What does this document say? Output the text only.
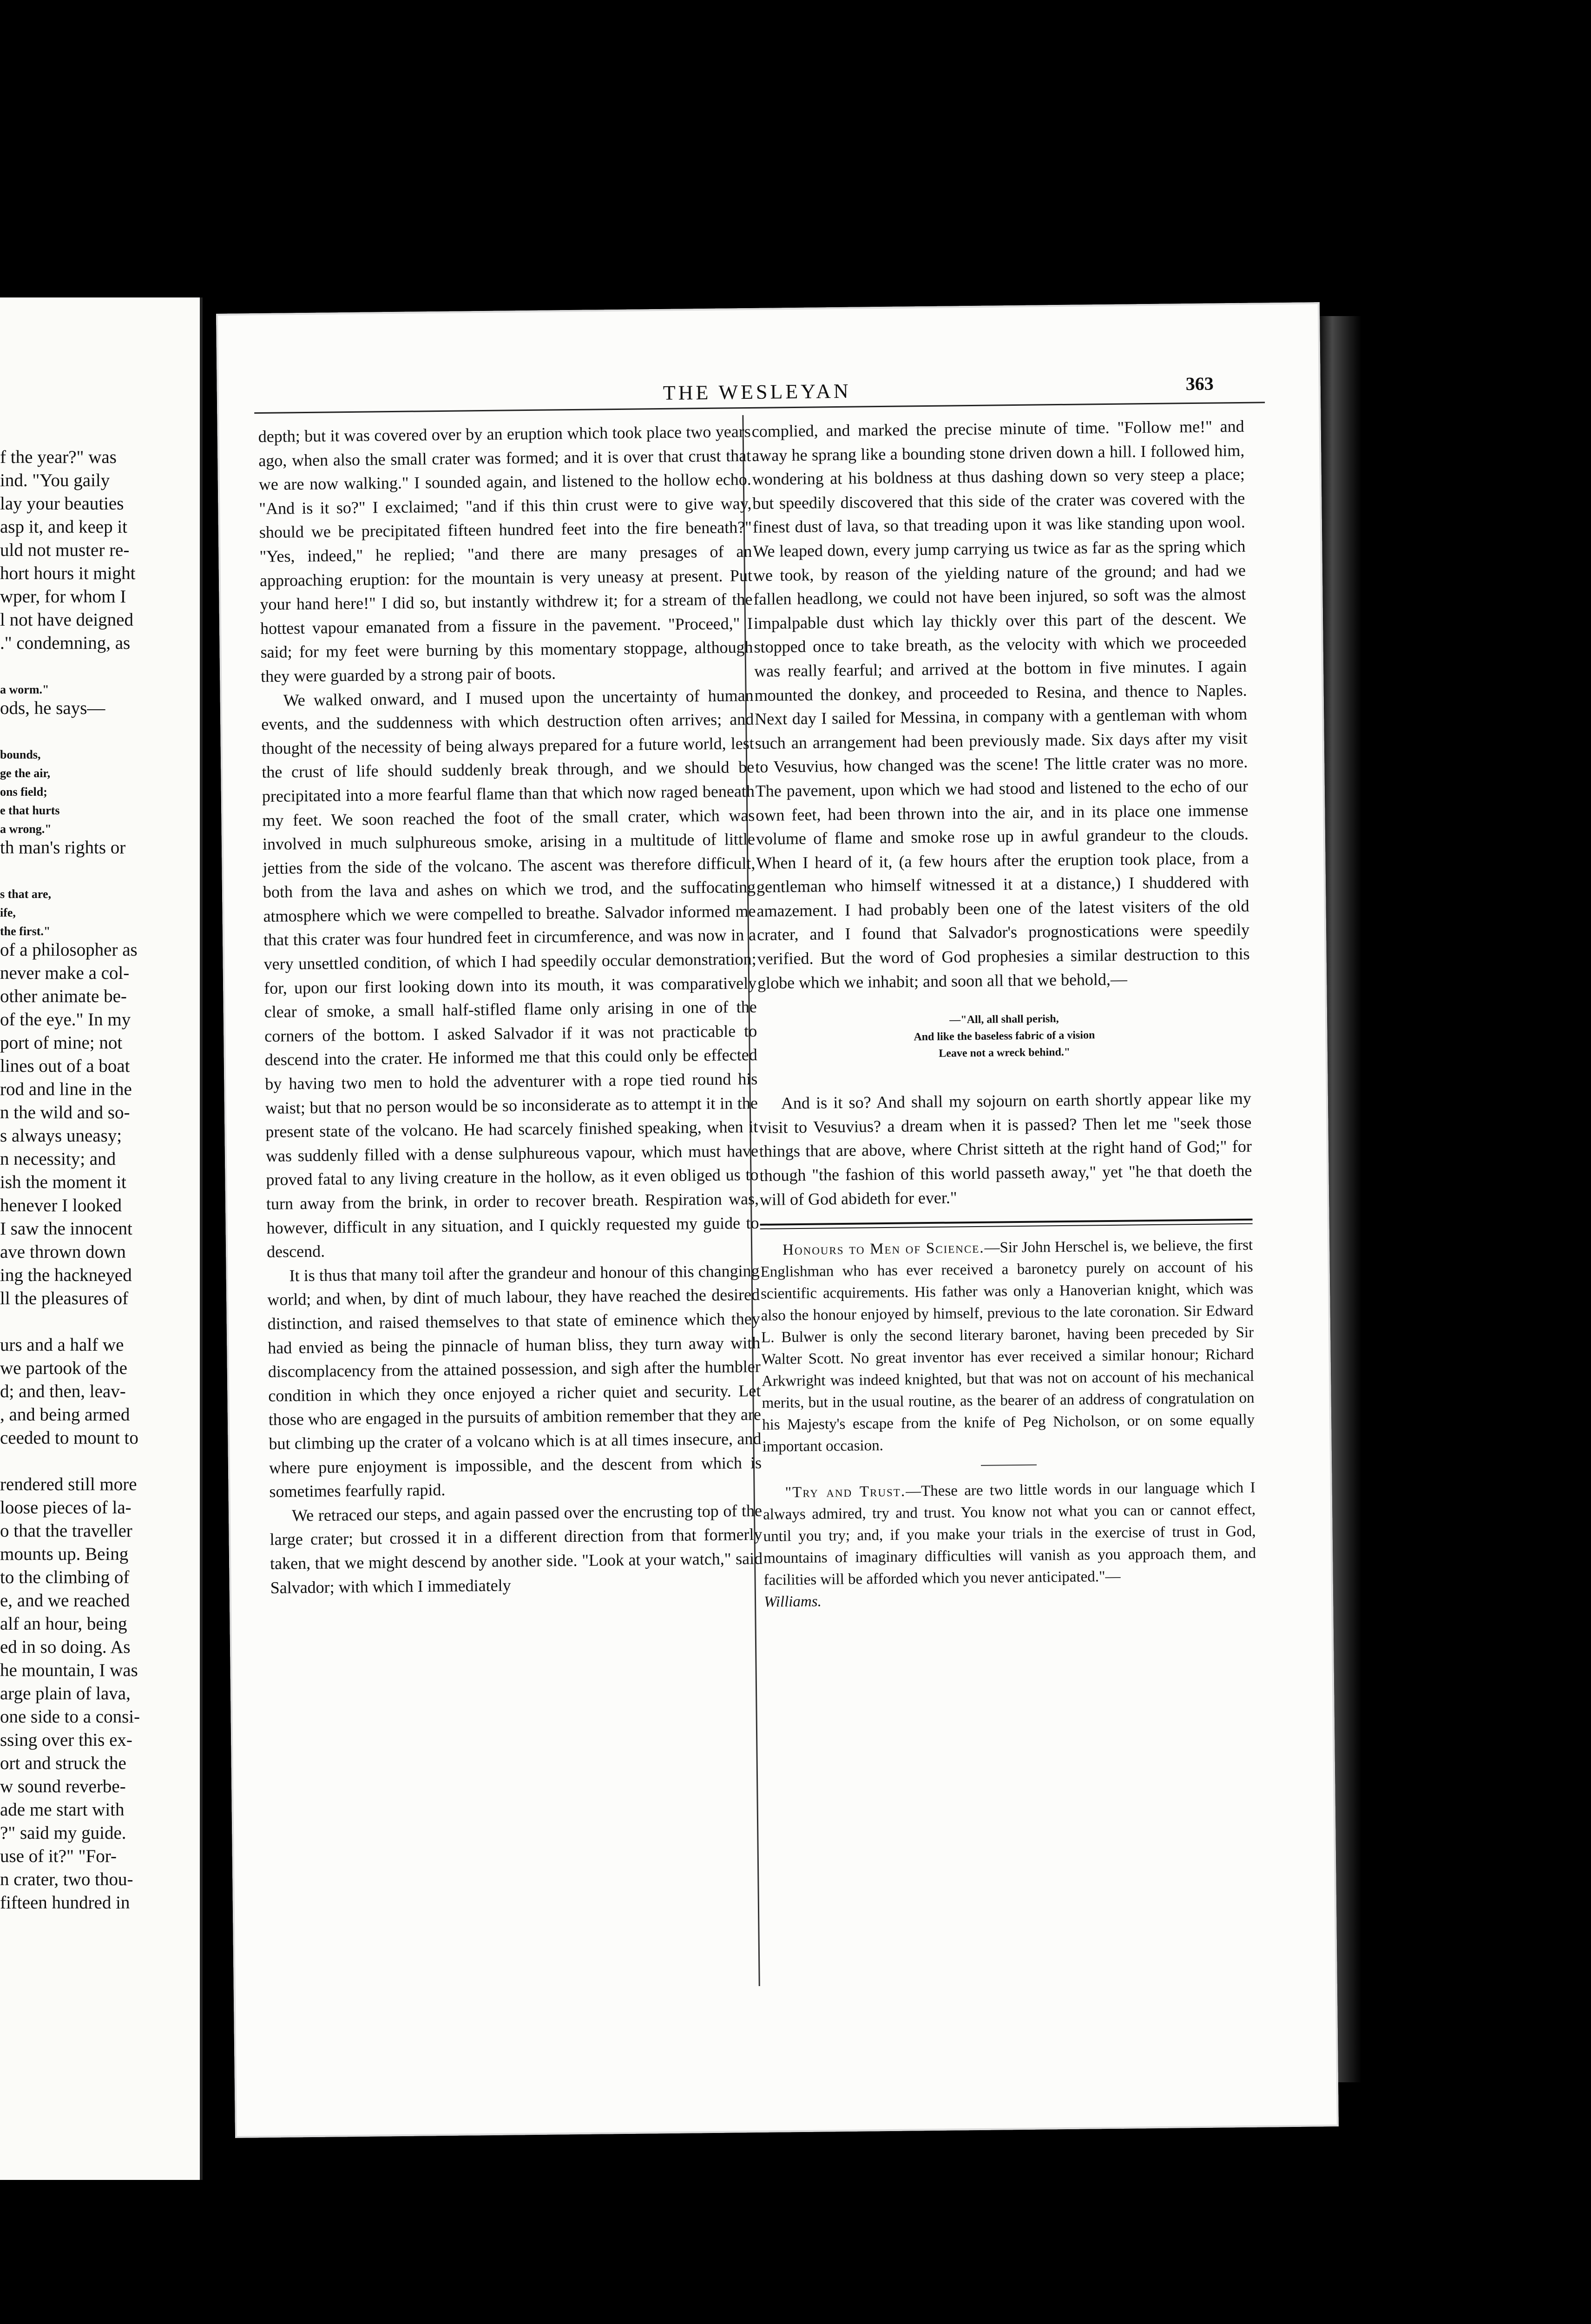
f the year?" was
ind. "You gaily
lay your beauties
asp it, and keep it
uld not muster re-
hort hours it might
wper, for whom I
l not have deigned
." condemning, as
a worm."
ods, he says—
bounds,
ge the air,
ons field;
e that hurts
a wrong."
th man's rights or
s that are,
ife,
the first."
of a philosopher as
never make a col-
other animate be-
of the eye." In my
port of mine; not
lines out of a boat
rod and line in the
n the wild and so-
s always uneasy;
n necessity; and
ish the moment it
henever I looked
I saw the innocent
ave thrown down
ing the hackneyed
ll the pleasures of
urs and a half we
we partook of the
d; and then, leav-
, and being armed
ceeded to mount to
rendered still more
loose pieces of la-
o that the traveller
mounts up. Being
to the climbing of
e, and we reached
alf an hour, being
ed in so doing. As
he mountain, I was
arge plain of lava,
one side to a consi-
ssing over this ex-
ort and struck the
w sound reverbe-
ade me start with
?" said my guide.
use of it?" "For-
n crater, two thou-
fifteen hundred in
THE WESLEYAN	363

depth; but it was covered over by an eruption which took place two years ago, when also the small crater was formed; and it is over that crust that we are now walking." I sounded again, and listened to the hollow echo. "And is it so?" I exclaimed; "and if this thin crust were to give way, should we be precipitated fifteen hundred feet into the fire beneath?" "Yes, indeed," he replied; "and there are many presages of an approaching eruption: for the mountain is very uneasy at present. Put your hand here!" I did so, but instantly withdrew it; for a stream of the hottest vapour emanated from a fissure in the pavement. "Proceed," I said; for my feet were burning by this momentary stoppage, although they were guarded by a strong pair of boots.

We walked onward, and I mused upon the uncertainty of human events, and the suddenness with which destruction often arrives; and thought of the necessity of being always prepared for a future world, lest the crust of life should suddenly break through, and we should be precipitated into a more fearful flame than that which now raged beneath my feet. We soon reached the foot of the small crater, which was involved in much sulphureous smoke, arising in a multitude of little jetties from the side of the volcano. The ascent was therefore difficult, both from the lava and ashes on which we trod, and the suffocating atmosphere which we were compelled to breathe. Salvador informed me that this crater was four hundred feet in circumference, and was now in a very unsettled condition, of which I had speedily occular demonstration; for, upon our first looking down into its mouth, it was comparatively clear of smoke, a small half-stifled flame only arising in one of the corners of the bottom. I asked Salvador if it was not practicable to descend into the crater. He informed me that this could only be effected by having two men to hold the adventurer with a rope tied round his waist; but that no person would be so inconsiderate as to attempt it in the present state of the volcano. He had scarcely finished speaking, when it was suddenly filled with a dense sulphureous vapour, which must have proved fatal to any living creature in the hollow, as it even obliged us to turn away from the brink, in order to recover breath. Respiration was, however, difficult in any situation, and I quickly requested my guide to descend.

It is thus that many toil after the grandeur and honour of this changing world; and when, by dint of much labour, they have reached the desired distinction, and raised themselves to that state of eminence which they had envied as being the pinnacle of human bliss, they turn away with discomplacency from the attained possession, and sigh after the humbler condition in which they once enjoyed a richer quiet and security. Let those who are engaged in the pursuits of ambition remember that they are but climbing up the crater of a volcano which is at all times insecure, and where pure enjoyment is impossible, and the descent from which is sometimes fearfully rapid.

We retraced our steps, and again passed over the encrusting top of the large crater; but crossed it in a different direction from that formerly taken, that we might descend by another side. "Look at your watch," said Salvador; with which I immediately

complied, and marked the precise minute of time. "Follow me!" and away he sprang like a bounding stone driven down a hill. I followed him, wondering at his boldness at thus dashing down so very steep a place; but speedily discovered that this side of the crater was covered with the finest dust of lava, so that treading upon it was like standing upon wool. We leaped down, every jump carrying us twice as far as the spring which we took, by reason of the yielding nature of the ground; and had we fallen headlong, we could not have been injured, so soft was the almost impalpable dust which lay thickly over this part of the descent. We stopped once to take breath, as the velocity with which we proceeded was really fearful; and arrived at the bottom in five minutes. I again mounted the donkey, and proceeded to Resina, and thence to Naples. Next day I sailed for Messina, in company with a gentleman with whom such an arrangement had been previously made. Six days after my visit to Vesuvius, how changed was the scene! The little crater was no more. The pavement, upon which we had stood and listened to the echo of our own feet, had been thrown into the air, and in its place one immense volume of flame and smoke rose up in awful grandeur to the clouds. When I heard of it, (a few hours after the eruption took place, from a gentleman who himself witnessed it at a distance,) I shuddered with amazement. I had probably been one of the latest visiters of the old crater, and I found that Salvador's prognostications were speedily verified. But the word of God prophesies a similar destruction to this globe which we inhabit; and soon all that we behold,—

—"All, all shall perish,
And like the baseless fabric of a vision
Leave not a wreck behind."

And is it so? And shall my sojourn on earth shortly appear like my visit to Vesuvius? a dream when it is passed? Then let me "seek those things that are above, where Christ sitteth at the right hand of God;" for though "the fashion of this world passeth away," yet "he that doeth the will of God abideth for ever."

Honours to Men of Science.—Sir John Herschel is, we believe, the first Englishman who has ever received a baronetcy purely on account of his scientific acquirements. His father was only a Hanoverian knight, which was also the honour enjoyed by himself, previous to the late coronation. Sir Edward L. Bulwer is only the second literary baronet, having been preceded by Sir Walter Scott. No great inventor has ever received a similar honour; Richard Arkwright was indeed knighted, but that was not on account of his mechanical merits, but in the usual routine, as the bearer of an address of congratulation on his Majesty's escape from the knife of Peg Nicholson, or on some equally important occasion.

"Try and Trust.—These are two little words in our language which I always admired, try and trust. You know not what you can or cannot effect, until you try; and, if you make your trials in the exercise of trust in God, mountains of imaginary difficulties will vanish as you approach them, and facilities will be afforded which you never anticipated."—

Williams.
